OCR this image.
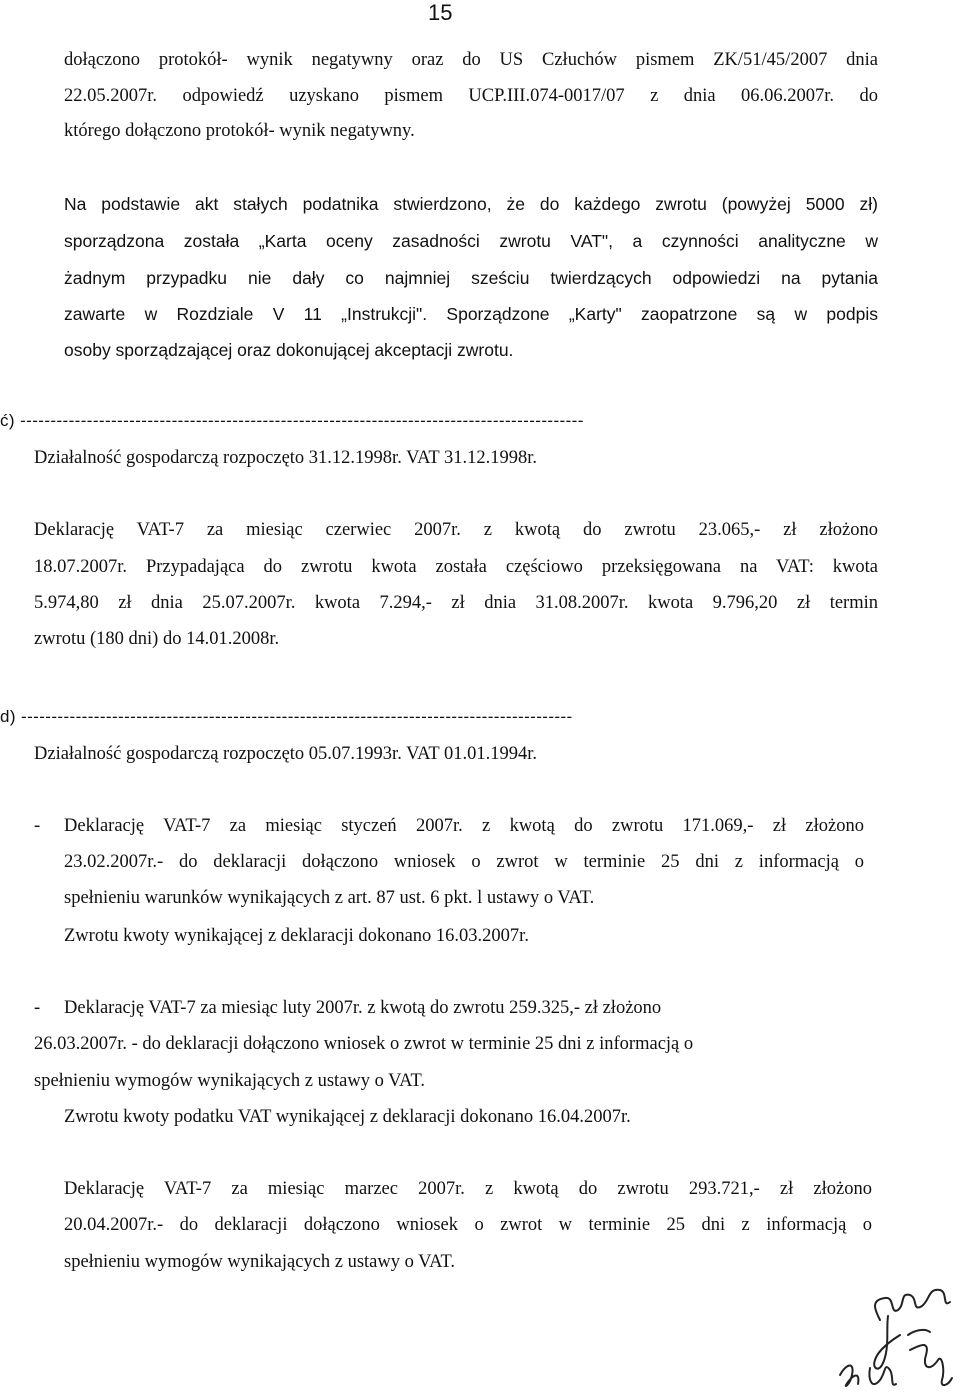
15
dołączono protokół- wynik negatywny oraz do US Człuchów pismem ZK/51/45/2007 dnia
22.05.2007r. odpowiedź uzyskano pismem UCP.III.074-0017/07 z dnia 06.06.2007r. do
którego dołączono protokół- wynik negatywny.
Na podstawie akt stałych podatnika stwierdzono, że do każdego zwrotu (powyżej 5000 zł)
sporządzona została „Karta oceny zasadności zwrotu VAT", a czynności analityczne w
żadnym przypadku nie dały co najmniej sześciu twierdzących odpowiedzi na pytania
zawarte w Rozdziale V 11 „Instrukcji". Sporządzone „Karty" zaopatrzone są w podpis
osoby sporządzającej oraz dokonującej akceptacji zwrotu.
ć) ---------------------------------------------------------------------------------------------
Działalność gospodarczą rozpoczęto 31.12.1998r. VAT 31.12.1998r.
Deklarację VAT-7 za miesiąc czerwiec 2007r. z kwotą do zwrotu 23.065,- zł złożono
18.07.2007r. Przypadająca do zwrotu kwota została częściowo przeksięgowana na VAT: kwota
5.974,80 zł dnia 25.07.2007r. kwota 7.294,- zł dnia 31.08.2007r. kwota 9.796,20 zł termin
zwrotu (180 dni) do 14.01.2008r.
d) -------------------------------------------------------------------------------------------
Działalność gospodarczą rozpoczęto 05.07.1993r. VAT 01.01.1994r.
- Deklarację VAT-7 za miesiąc styczeń 2007r. z kwotą do zwrotu 171.069,- zł złożono
23.02.2007r.- do deklaracji dołączono wniosek o zwrot w terminie 25 dni z informacją o
spełnieniu warunków wynikających z art. 87 ust. 6 pkt. l ustawy o VAT.
Zwrotu kwoty wynikającej z deklaracji dokonano 16.03.2007r.
- Deklarację VAT-7 za miesiąc luty 2007r. z kwotą do zwrotu 259.325,- zł złożono
26.03.2007r. - do deklaracji dołączono wniosek o zwrot w terminie 25 dni z informacją o
spełnieniu wymogów wynikających z ustawy o VAT.
Zwrotu kwoty podatku VAT wynikającej z deklaracji dokonano 16.04.2007r.
Deklarację VAT-7 za miesiąc marzec 2007r. z kwotą do zwrotu 293.721,- zł złożono
20.04.2007r.- do deklaracji dołączono wniosek o zwrot w terminie 25 dni z informacją o
spełnieniu wymogów wynikających z ustawy o VAT.
